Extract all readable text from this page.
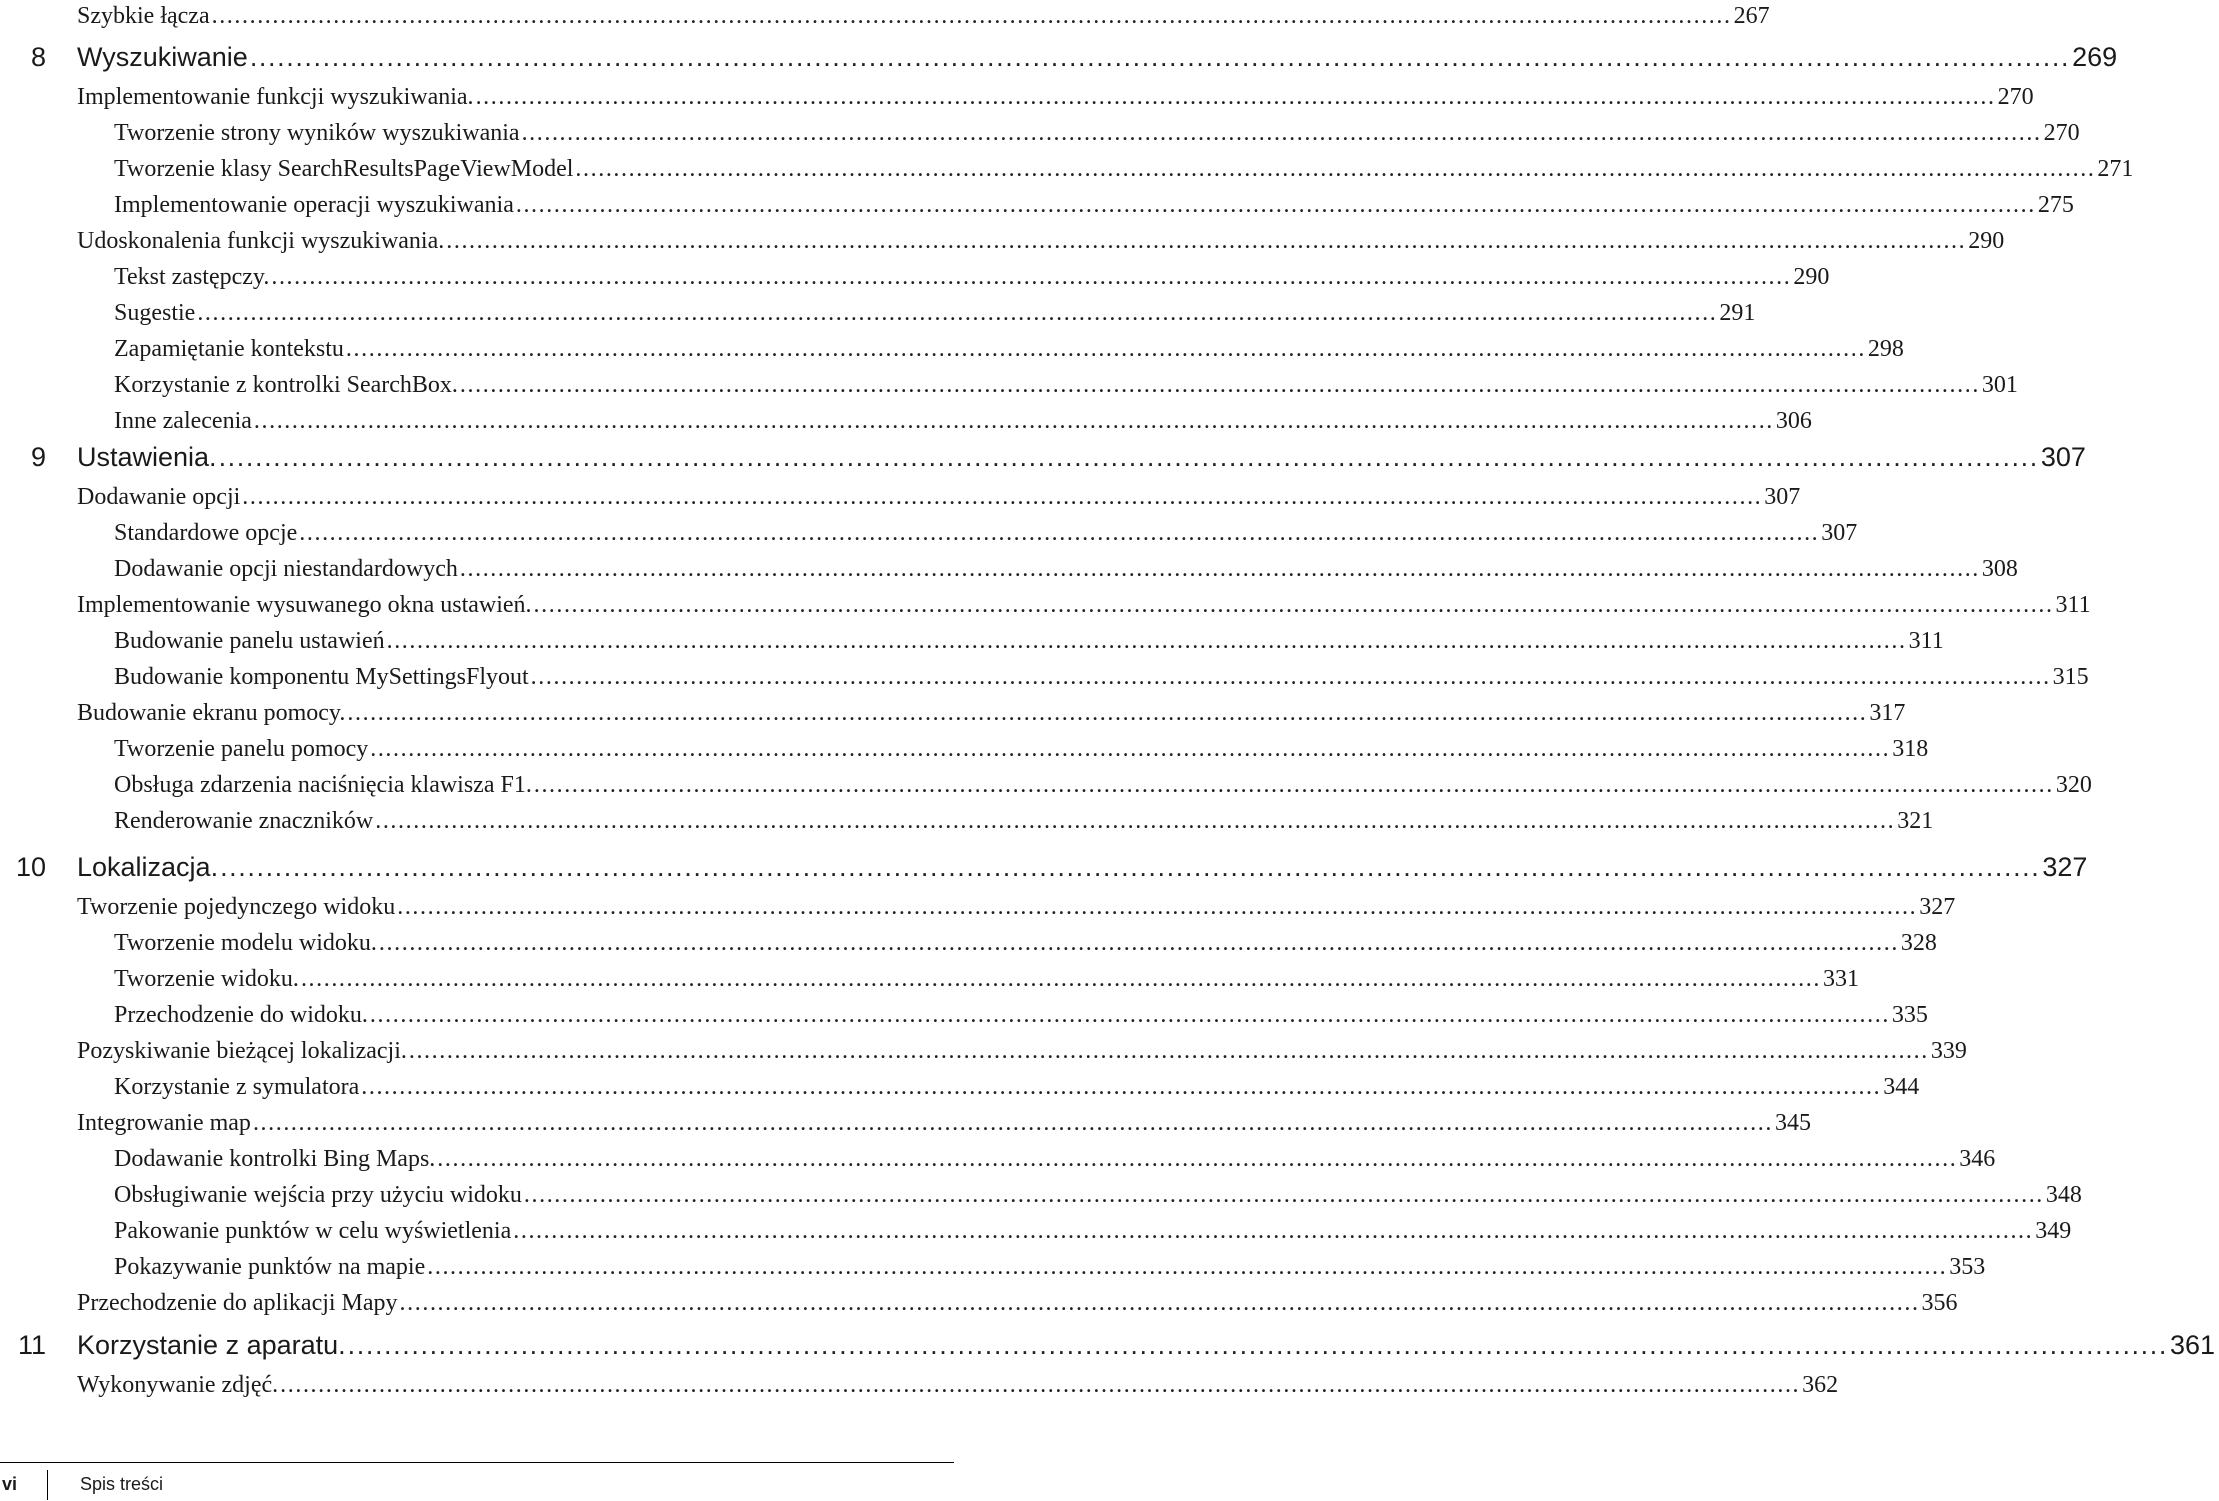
Szybkie łącza ........................................................................................................................................................................................................ 267
8 Wyszukiwanie ........................................................................................................................................................................................................ 269
Implementowanie funkcji wyszukiwania. ........................................................................................................................................................................................................ 270
Tworzenie strony wyników wyszukiwania ........................................................................................................................................................................................................ 270
Tworzenie klasy SearchResultsPageViewModel ........................................................................................................................................................................................................ 271
Implementowanie operacji wyszukiwania ........................................................................................................................................................................................................ 275
Udoskonalenia funkcji wyszukiwania. ........................................................................................................................................................................................................ 290
Tekst zastępczy. ........................................................................................................................................................................................................ 290
Sugestie ........................................................................................................................................................................................................ 291
Zapamiętanie kontekstu ........................................................................................................................................................................................................ 298
Korzystanie z kontrolki SearchBox. ........................................................................................................................................................................................................ 301
Inne zalecenia ........................................................................................................................................................................................................ 306
9 Ustawienia. ........................................................................................................................................................................................................ 307
Dodawanie opcji ........................................................................................................................................................................................................ 307
Standardowe opcje ........................................................................................................................................................................................................ 307
Dodawanie opcji niestandardowych ........................................................................................................................................................................................................ 308
Implementowanie wysuwanego okna ustawień. ........................................................................................................................................................................................................ 311
Budowanie panelu ustawień ........................................................................................................................................................................................................ 311
Budowanie komponentu MySettingsFlyout ........................................................................................................................................................................................................ 315
Budowanie ekranu pomocy. ........................................................................................................................................................................................................ 317
Tworzenie panelu pomocy ........................................................................................................................................................................................................ 318
Obsługa zdarzenia naciśnięcia klawisza F1. ........................................................................................................................................................................................................ 320
Renderowanie znaczników ........................................................................................................................................................................................................ 321
10 Lokalizacja. ........................................................................................................................................................................................................ 327
Tworzenie pojedynczego widoku ........................................................................................................................................................................................................ 327
Tworzenie modelu widoku. ........................................................................................................................................................................................................ 328
Tworzenie widoku. ........................................................................................................................................................................................................ 331
Przechodzenie do widoku. ........................................................................................................................................................................................................ 335
Pozyskiwanie bieżącej lokalizacji. ........................................................................................................................................................................................................ 339
Korzystanie z symulatora ........................................................................................................................................................................................................ 344
Integrowanie map ........................................................................................................................................................................................................ 345
Dodawanie kontrolki Bing Maps. ........................................................................................................................................................................................................ 346
Obsługiwanie wejścia przy użyciu widoku ........................................................................................................................................................................................................ 348
Pakowanie punktów w celu wyświetlenia ........................................................................................................................................................................................................ 349
Pokazywanie punktów na mapie ........................................................................................................................................................................................................ 353
Przechodzenie do aplikacji Mapy ........................................................................................................................................................................................................ 356
11 Korzystanie z aparatu. ........................................................................................................................................................................................................ 361
Wykonywanie zdjęć. ........................................................................................................................................................................................................ 362
vi	Spis treści
